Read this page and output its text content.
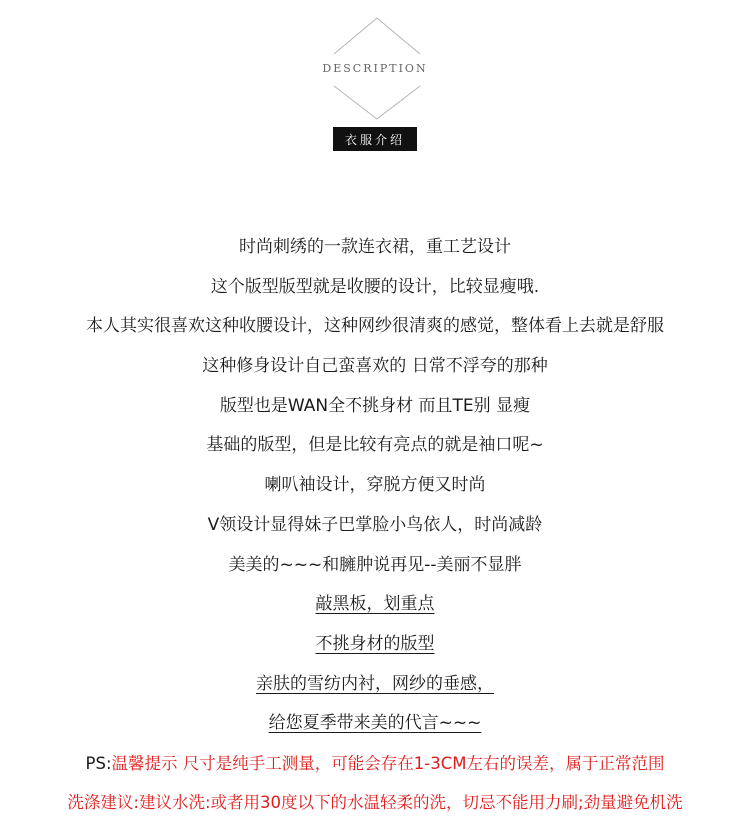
DESCRIPTION
衣服介绍
时尚刺绣的一款连衣裙，重工艺设计
这个版型版型就是收腰的设计，比较显瘦哦.
本人其实很喜欢这种收腰设计，这种网纱很清爽的感觉，整体看上去就是舒服
这种修身设计自己蛮喜欢的 日常不浮夸的那种
版型也是WAN全不挑身材 而且TE别 显瘦
基础的版型，但是比较有亮点的就是袖口呢~
喇叭袖设计，穿脱方便又时尚
V领设计显得妹子巴掌脸小鸟依人，时尚减龄
美美的~~~和臃肿说再见--美丽不显胖
敲黑板，划重点
不挑身材的版型
亲肤的雪纺内衬，网纱的垂感，
给您夏季带来美的代言~~~
PS:温馨提示 尺寸是纯手工测量，可能会存在1-3CM左右的误差，属于正常范围
洗涤建议:建议水洗:或者用30度以下的水温轻柔的洗，切忌不能用力刷;劲量避免机洗
